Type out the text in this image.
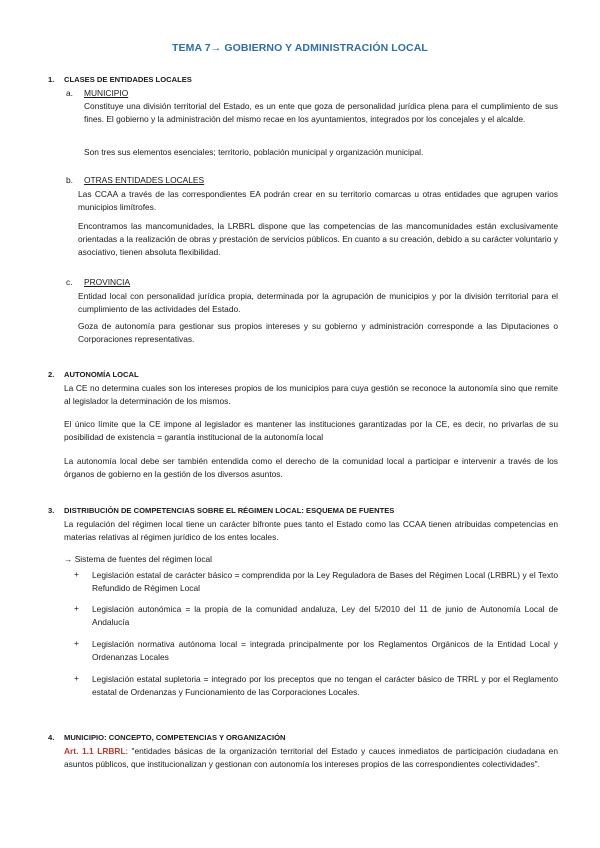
TEMA 7→ GOBIERNO Y ADMINISTRACIÓN LOCAL
1. CLASES DE ENTIDADES LOCALES
a. MUNICIPIO

Constituye una división territorial del Estado, es un ente que goza de personalidad jurídica plena para el cumplimiento de sus fines. El gobierno y la administración del mismo recae en los ayuntamientos, integrados por los concejales y el alcalde.

Son tres sus elementos esenciales; territorio, población municipal y organización municipal.

b. OTRAS ENTIDADES LOCALES

Las CCAA a través de las correspondientes EA podrán crear en su territorio comarcas u otras entidades que agrupen varios municipios limítrofes.

Encontramos las mancomunidades, la LRBRL dispone que las competencias de las mancomunidades están exclusivamente orientadas a la realización de obras y prestación de servicios públicos. En cuanto a su creación, debido a su carácter voluntario y asociativo, tienen absoluta flexibilidad.

c. PROVINCIA

Entidad local con personalidad jurídica propia, determinada por la agrupación de municipios y por la división territorial para el cumplimiento de las actividades del Estado.

Goza de autonomía para gestionar sus propios intereses y su gobierno y administración corresponde a las Diputaciones o Corporaciones representativas.

2. AUTONOMÍA LOCAL

La CE no determina cuales son los intereses propios de los municipios para cuya gestión se reconoce la autonomía sino que remite al legislador la determinación de los mismos.

El único límite que la CE impone al legislador es mantener las instituciones garantizadas por la CE, es decir, no privarlas de su posibilidad de existencia = garantía institucional de la autonomía local

La autonomía local debe ser también entendida como el derecho de la comunidad local a participar e intervenir a través de los órganos de gobierno en la gestión de los diversos asuntos.

3. DISTRIBUCIÓN DE COMPETENCIAS SOBRE EL RÉGIMEN LOCAL: ESQUEMA DE FUENTES

La regulación del régimen local tiene un carácter bifronte pues tanto el Estado como las CCAA tienen atribuidas competencias en materias relativas al régimen jurídico de los entes locales.

→ Sistema de fuentes del régimen local

+ Legislación estatal de carácter básico = comprendida por la Ley Reguladora de Bases del Régimen Local (LRBRL) y el Texto Refundido de Régimen Local

+ Legislación autonómica = la propia de la comunidad andaluza, Ley del 5/2010 del 11 de junio de Autonomía Local de Andalucía

+ Legislación normativa autónoma local = integrada principalmente por los Reglamentos Orgánicos de la Entidad Local y Ordenanzas Locales

+ Legislación estatal supletoria = integrado por los preceptos que no tengan el carácter básico de TRRL y por el Reglamento estatal de Ordenanzas y Funcionamiento de las Corporaciones Locales.

4. MUNICIPIO: CONCEPTO, COMPETENCIAS Y ORGANIZACIÓN

Art. 1.1 LRBRL: "entidades básicas de la organización territorial del Estado y cauces inmediatos de participación ciudadana en asuntos públicos, que institucionalizan y gestionan con autonomía los intereses propios de las correspondientes colectividades".
